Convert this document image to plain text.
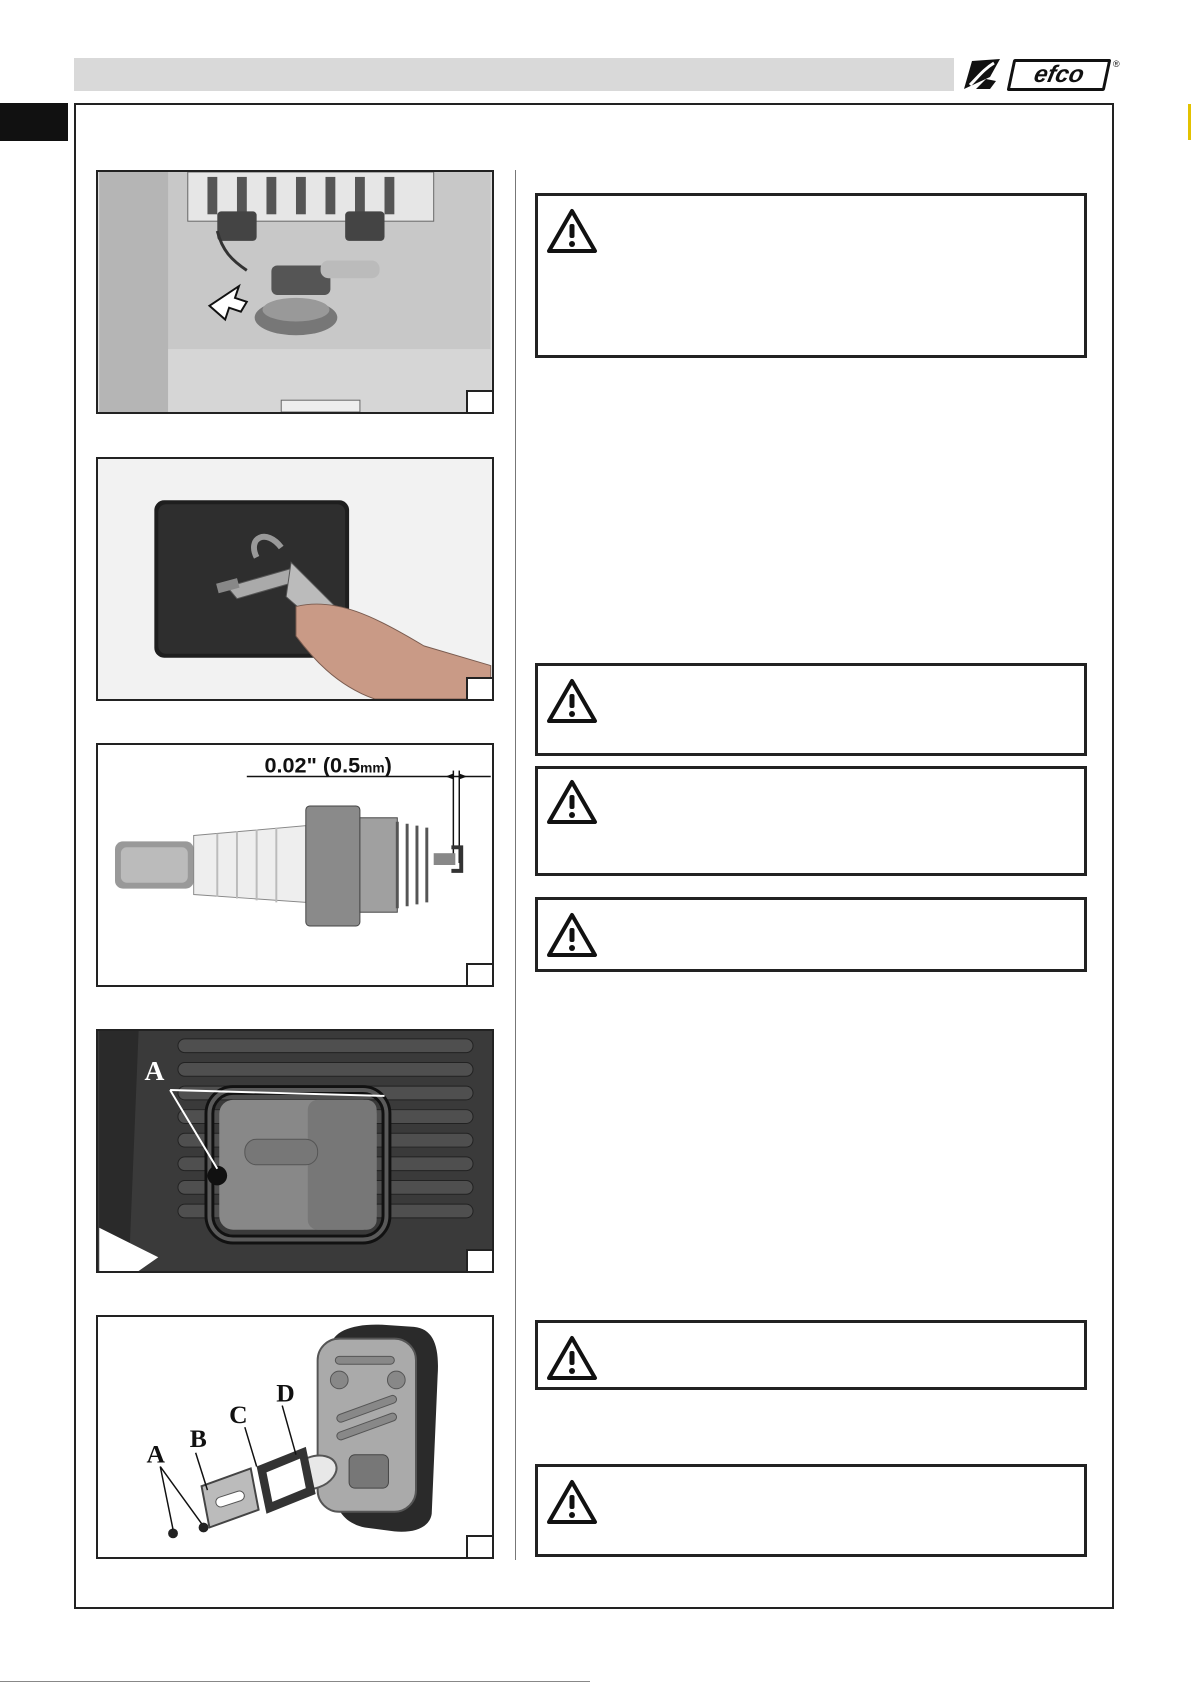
efco	®
0.02" (0.5mm)
A
A
B
C
D
